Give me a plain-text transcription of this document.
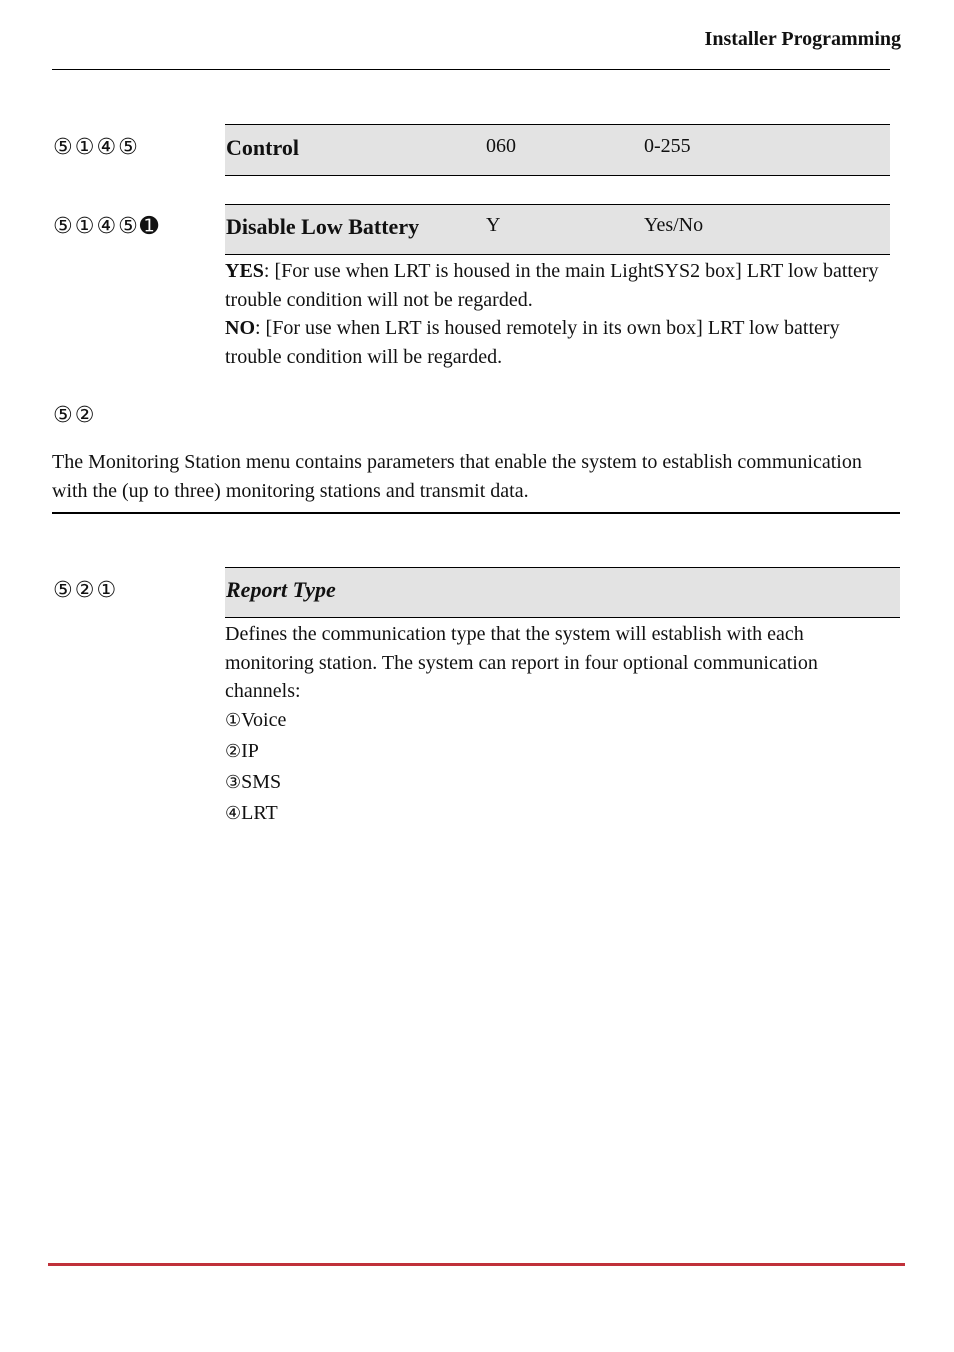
Installer Programming
⑤①④⑤	Control	060	0-255
⑤①④⑤➊	Disable Low Battery	Y	Yes/No
YES: [For use when LRT is housed in the main LightSYS2 box] LRT low battery trouble condition will not be regarded.
NO: [For use when LRT is housed remotely in its own box] LRT low battery trouble condition will be regarded.
⑤②
The Monitoring Station menu contains parameters that enable the system to establish communication with the (up to three) monitoring stations and transmit data.
⑤②①	Report Type
Defines the communication type that the system will establish with each monitoring station. The system can report in four optional communication channels:
①Voice
②IP
③SMS
④LRT
